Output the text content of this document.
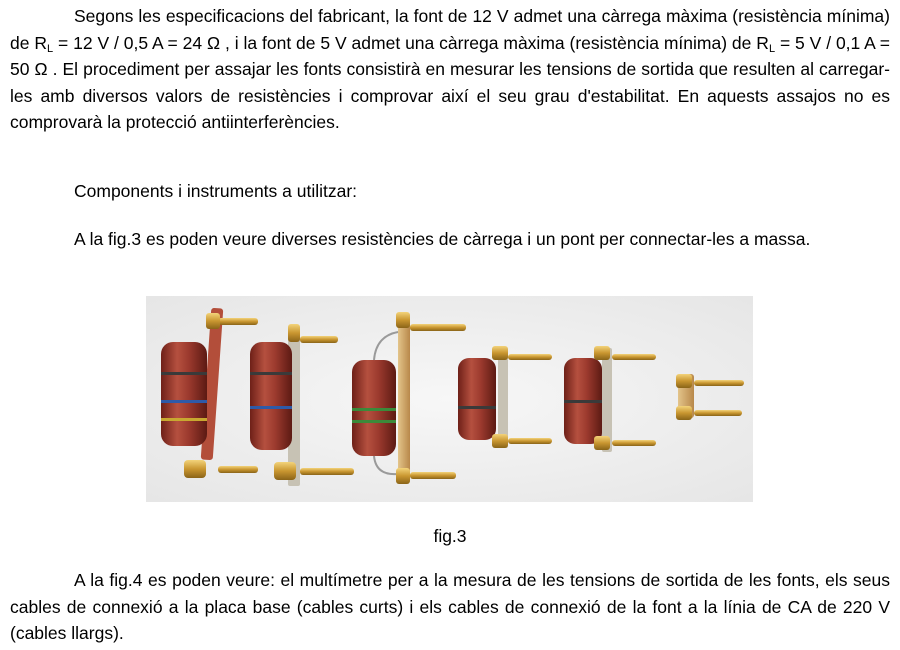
Segons les especificacions del fabricant, la font de 12 V admet una càrrega màxima (resistència mínima) de $R_L = 12$ V / 0,5 A = 24 Ω , i la font de 5 V admet una càrrega màxima (resistència mínima) de $R_L = 5$ V / 0,1 A = 50 Ω . El procediment per assajar les fonts consistirà en mesurar les tensions de sortida que resulten al carregar-les amb diversos valors de resistències i comprovar així el seu grau d'estabilitat. En aquests assajos no es comprovarà la protecció antiinterferències.

Components i instruments a utilitzar:

A la fig.3 es poden veure diverses resistències de càrrega i un pont per connectar-les a massa.

fig.3

A la fig.4 es poden veure: el multímetre per a la mesura de les tensions de sortida de les fonts, els seus cables de connexió a la placa base (cables curts) i els cables de connexió de la font a la línia de CA de 220 V (cables llargs).
